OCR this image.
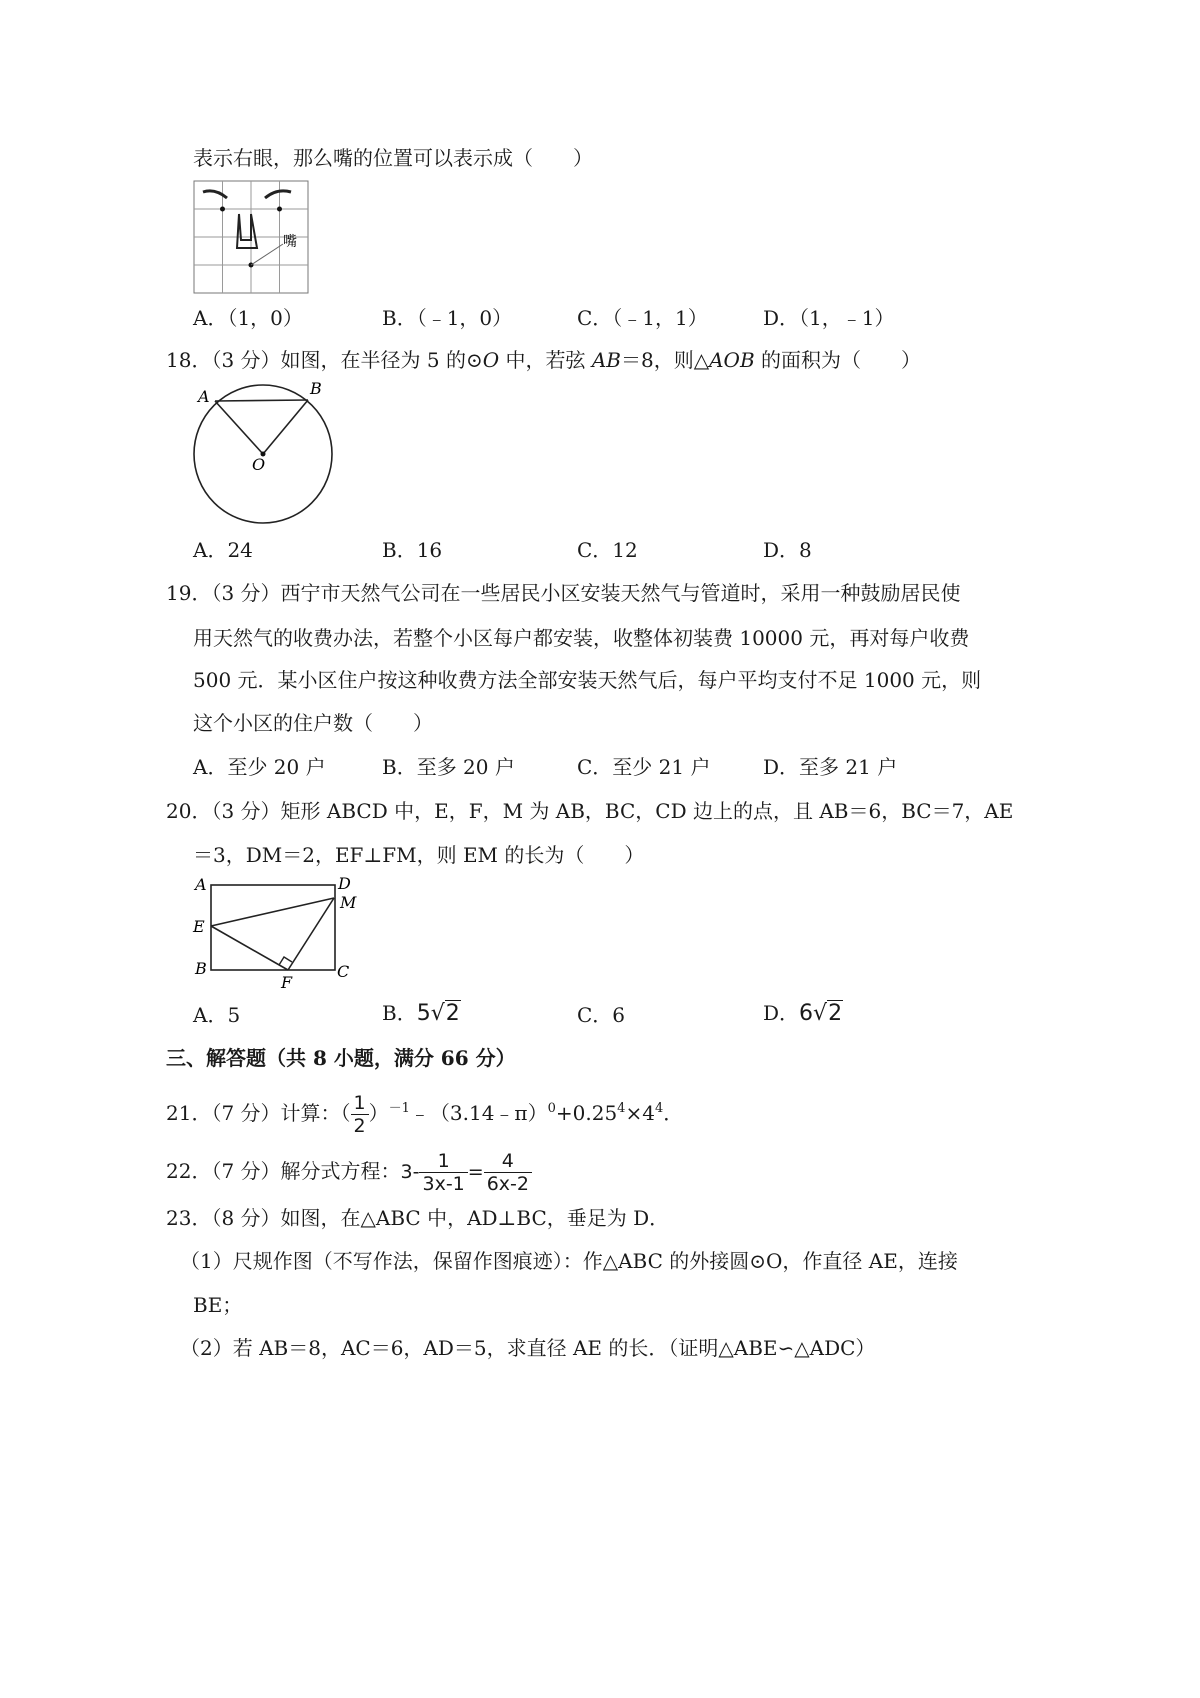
表示右眼，那么嘴的位置可以表示成（　　）
嘴
A．（1，0）	B．（﹣1，0）	C．（﹣1，1）	D．（1，﹣1）
18．（3 分）如图，在半径为 5 的⊙O 中，若弦 AB＝8，则△AOB 的面积为（　　）
A	B
O
A．24	B．16	C．12	D．8
19．（3 分）西宁市天然气公司在一些居民小区安装天然气与管道时，采用一种鼓励居民使
用天然气的收费办法，若整个小区每户都安装，收整体初装费 10000 元，再对每户收费
500 元．某小区住户按这种收费方法全部安装天然气后，每户平均支付不足 1000 元，则
这个小区的住户数（　　）
A．至少 20 户	B．至多 20 户	C．至少 21 户	D．至多 21 户
20．（3 分）矩形 ABCD 中，E，F，M 为 AB，BC，CD 边上的点，且 AB＝6，BC＝7，AE
＝3，DM＝2，EF⊥FM，则 EM 的长为（　　）
A
B	C
D
E
F
M
A．5	B．5√2	C．6	D．6√2
三、解答题（共 8 小题，满分 66 分）
21．（7 分）计算：（ $\frac{1}{2}$ ）$^{-1}﹣(3.14﹣\pi)^0+0.25^4\times 4^4$．
22．（7 分）解分式方程：$3- \frac{1}{3x-1} = \frac{4}{6x-2}$
23．（8 分）如图，在△ABC 中，AD⊥BC，垂足为 D．
（1）尺规作图（不写作法，保留作图痕迹）：作△ABC 的外接圆⊙O，作直径 AE，连接
BE；
（2）若 AB＝8，AC＝6，AD＝5，求直径 AE 的长．（证明△ABE∽△ADC）
